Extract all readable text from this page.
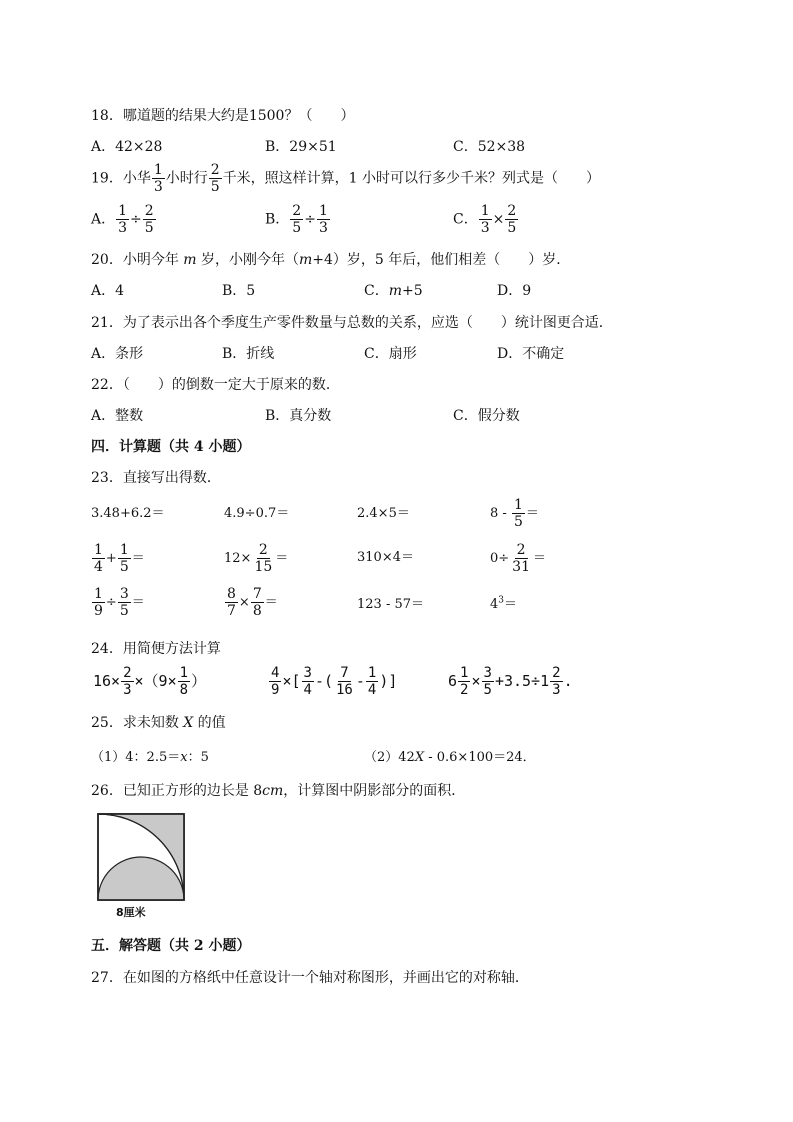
18．哪道题的结果大约是1500？（　　）
A．42×28	B．29×51	C．52×38
19．小华 $\frac{1}{3}$ 小时行 $\frac{2}{5}$ 千米，照这样计算，1 小时可以行多少千米？列式是（　　）
A． $\frac{1}{3} \div \frac{2}{5}$	B． $\frac{2}{5} \div \frac{1}{3}$	C． $\frac{1}{3} \times \frac{2}{5}$
20．小明今年 m 岁，小刚今年（m+4）岁，5 年后，他们相差（　　）岁．
A．4	B．5	C．m+5	D．9
21．为了表示出各个季度生产零件数量与总数的关系，应选（　　）统计图更合适．
A．条形	B．折线	C．扇形	D．不确定
22．（　　）的倒数一定大于原来的数．
A．整数	B．真分数	C．假分数
四．计算题（共 4 小题）
23．直接写出得数．
3.48+6.2＝	4.9÷0.7＝	2.4×5＝	$8 - \frac{1}{5}$ ＝
$\frac{1}{4} + \frac{1}{5}$ ＝	$12\times \frac{2}{15}$ ＝	310×4＝	$0\div \frac{2}{31}$ ＝
$\frac{1}{9} \div \frac{3}{5}$ ＝	$\frac{8}{7} \times \frac{7}{8}$ ＝	123 - 57＝	$4^3=$
24．用简便方法计算
$16\times \frac{2}{3} \times(9\times \frac{1}{8}$ ）	$\frac{4}{9}$ ×[ $\frac{3}{4}$ -( $\frac{7}{16} - \frac{1}{4}$ )]	$6 \frac{1}{2} \times \frac{3}{5} +3.5\div 1 \frac{2}{3}$ .
25．求未知数 X 的值
（1）4：2.5＝x：5	（2）42X - 0.6×100＝24．
26．已知正方形的边长是 8cm，计算图中阴影部分的面积．
8厘米
五．解答题（共 2 小题）
27．在如图的方格纸中任意设计一个轴对称图形，并画出它的对称轴．
